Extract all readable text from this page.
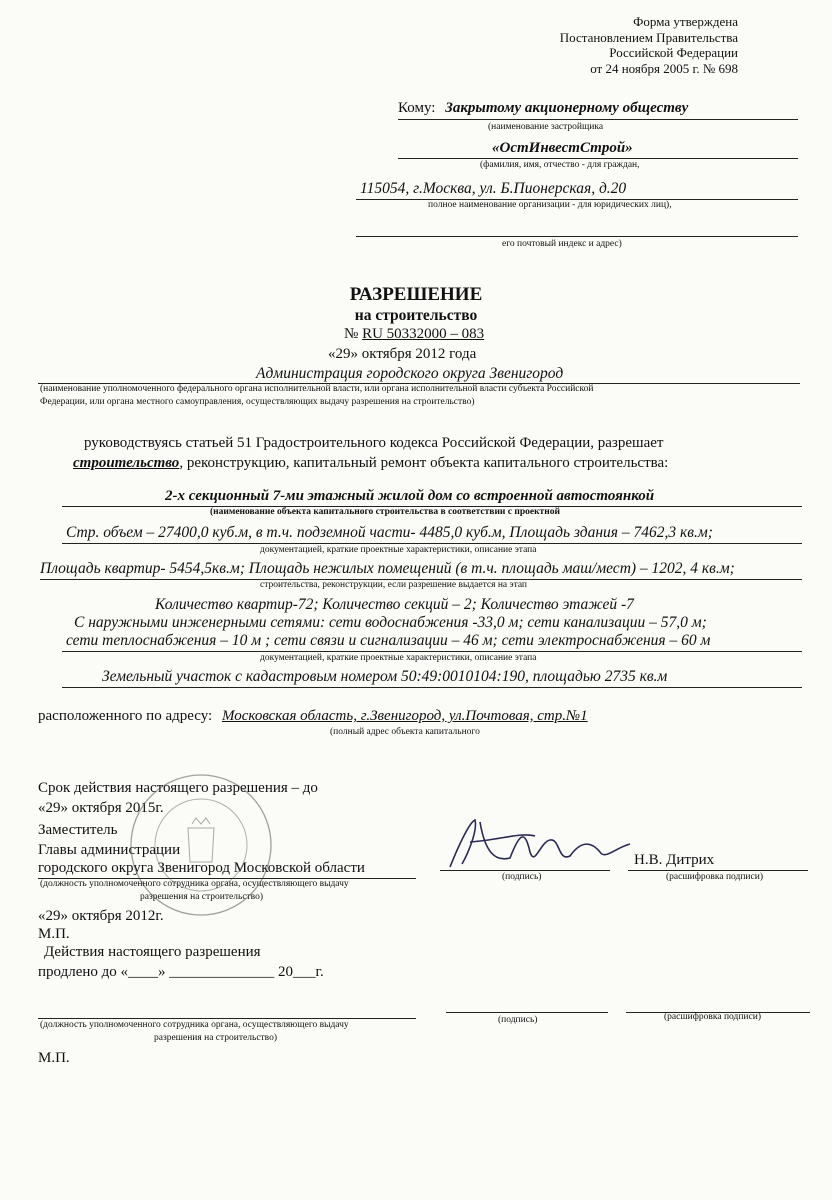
Форма утверждена
Постановлением Правительства
Российской Федерации
от 24 ноября 2005 г. № 698
Кому: Закрытому акционерному обществу
(наименование застройщика
«ОстИнвестСтрой»
(фамилия, имя, отчество - для граждан,
115054, г.Москва, ул. Б.Пионерская, д.20
полное наименование организации - для юридических лиц),
его почтовый индекс и адрес)
РАЗРЕШЕНИЕ
на строительство
№ RU 50332000 – 083
«29» октября 2012 года
Администрация городского округа Звенигород
(наименование уполномоченного федерального органа исполнительной власти, или органа исполнительной власти субъекта Российской
Федерации, или органа местного самоуправления, осуществляющих выдачу разрешения на строительство)
руководствуясь статьей 51 Градостроительного кодекса Российской Федерации, разрешает
строительство, реконструкцию, капитальный ремонт объекта капитального строительства:
2-х секционный 7-ми этажный жилой дом со встроенной автостоянкой
(наименование объекта капитального строительства в соответствии с проектной
Стр. объем – 27400,0 куб.м, в т.ч. подземной части- 4485,0 куб.м, Площадь здания – 7462,3 кв.м;
документацией, краткие проектные характеристики, описание этапа
Площадь квартир- 5454,5кв.м; Площадь нежилых помещений (в т.ч. площадь маш/мест) – 1202, 4 кв.м;
строительства, реконструкции, если разрешение выдается на этап
Количество квартир-72; Количество секций – 2; Количество этажей -7
С наружными инженерными сетями: сети водоснабжения -33,0 м; сети канализации – 57,0 м;
сети теплоснабжения – 10 м ; сети связи и сигнализации – 46 м; сети электроснабжения – 60 м
документацией, краткие проектные характеристики, описание этапа
Земельный участок с кадастровым номером 50:49:0010104:190, площадью 2735 кв.м
расположенного по адресу: Московская область, г.Звенигород, ул.Почтовая, стр.№1
(полный адрес объекта капитального
Срок действия настоящего разрешения – до
«29» октября 2015г.
Заместитель
Главы администрации
городского округа Звенигород Московской области
(должность уполномоченного сотрудника органа, осуществляющего выдачу
разрешения на строительство)
Н.В. Дитрих
(подпись)	(расшифровка подписи)
«29» октября 2012г.
М.П.
Действия настоящего разрешения
продлено до «____» ______________ 20___г.
(должность уполномоченного сотрудника органа, осуществляющего выдачу
разрешения на строительство)
(подпись)	(расшифровка подписи)
М.П.
